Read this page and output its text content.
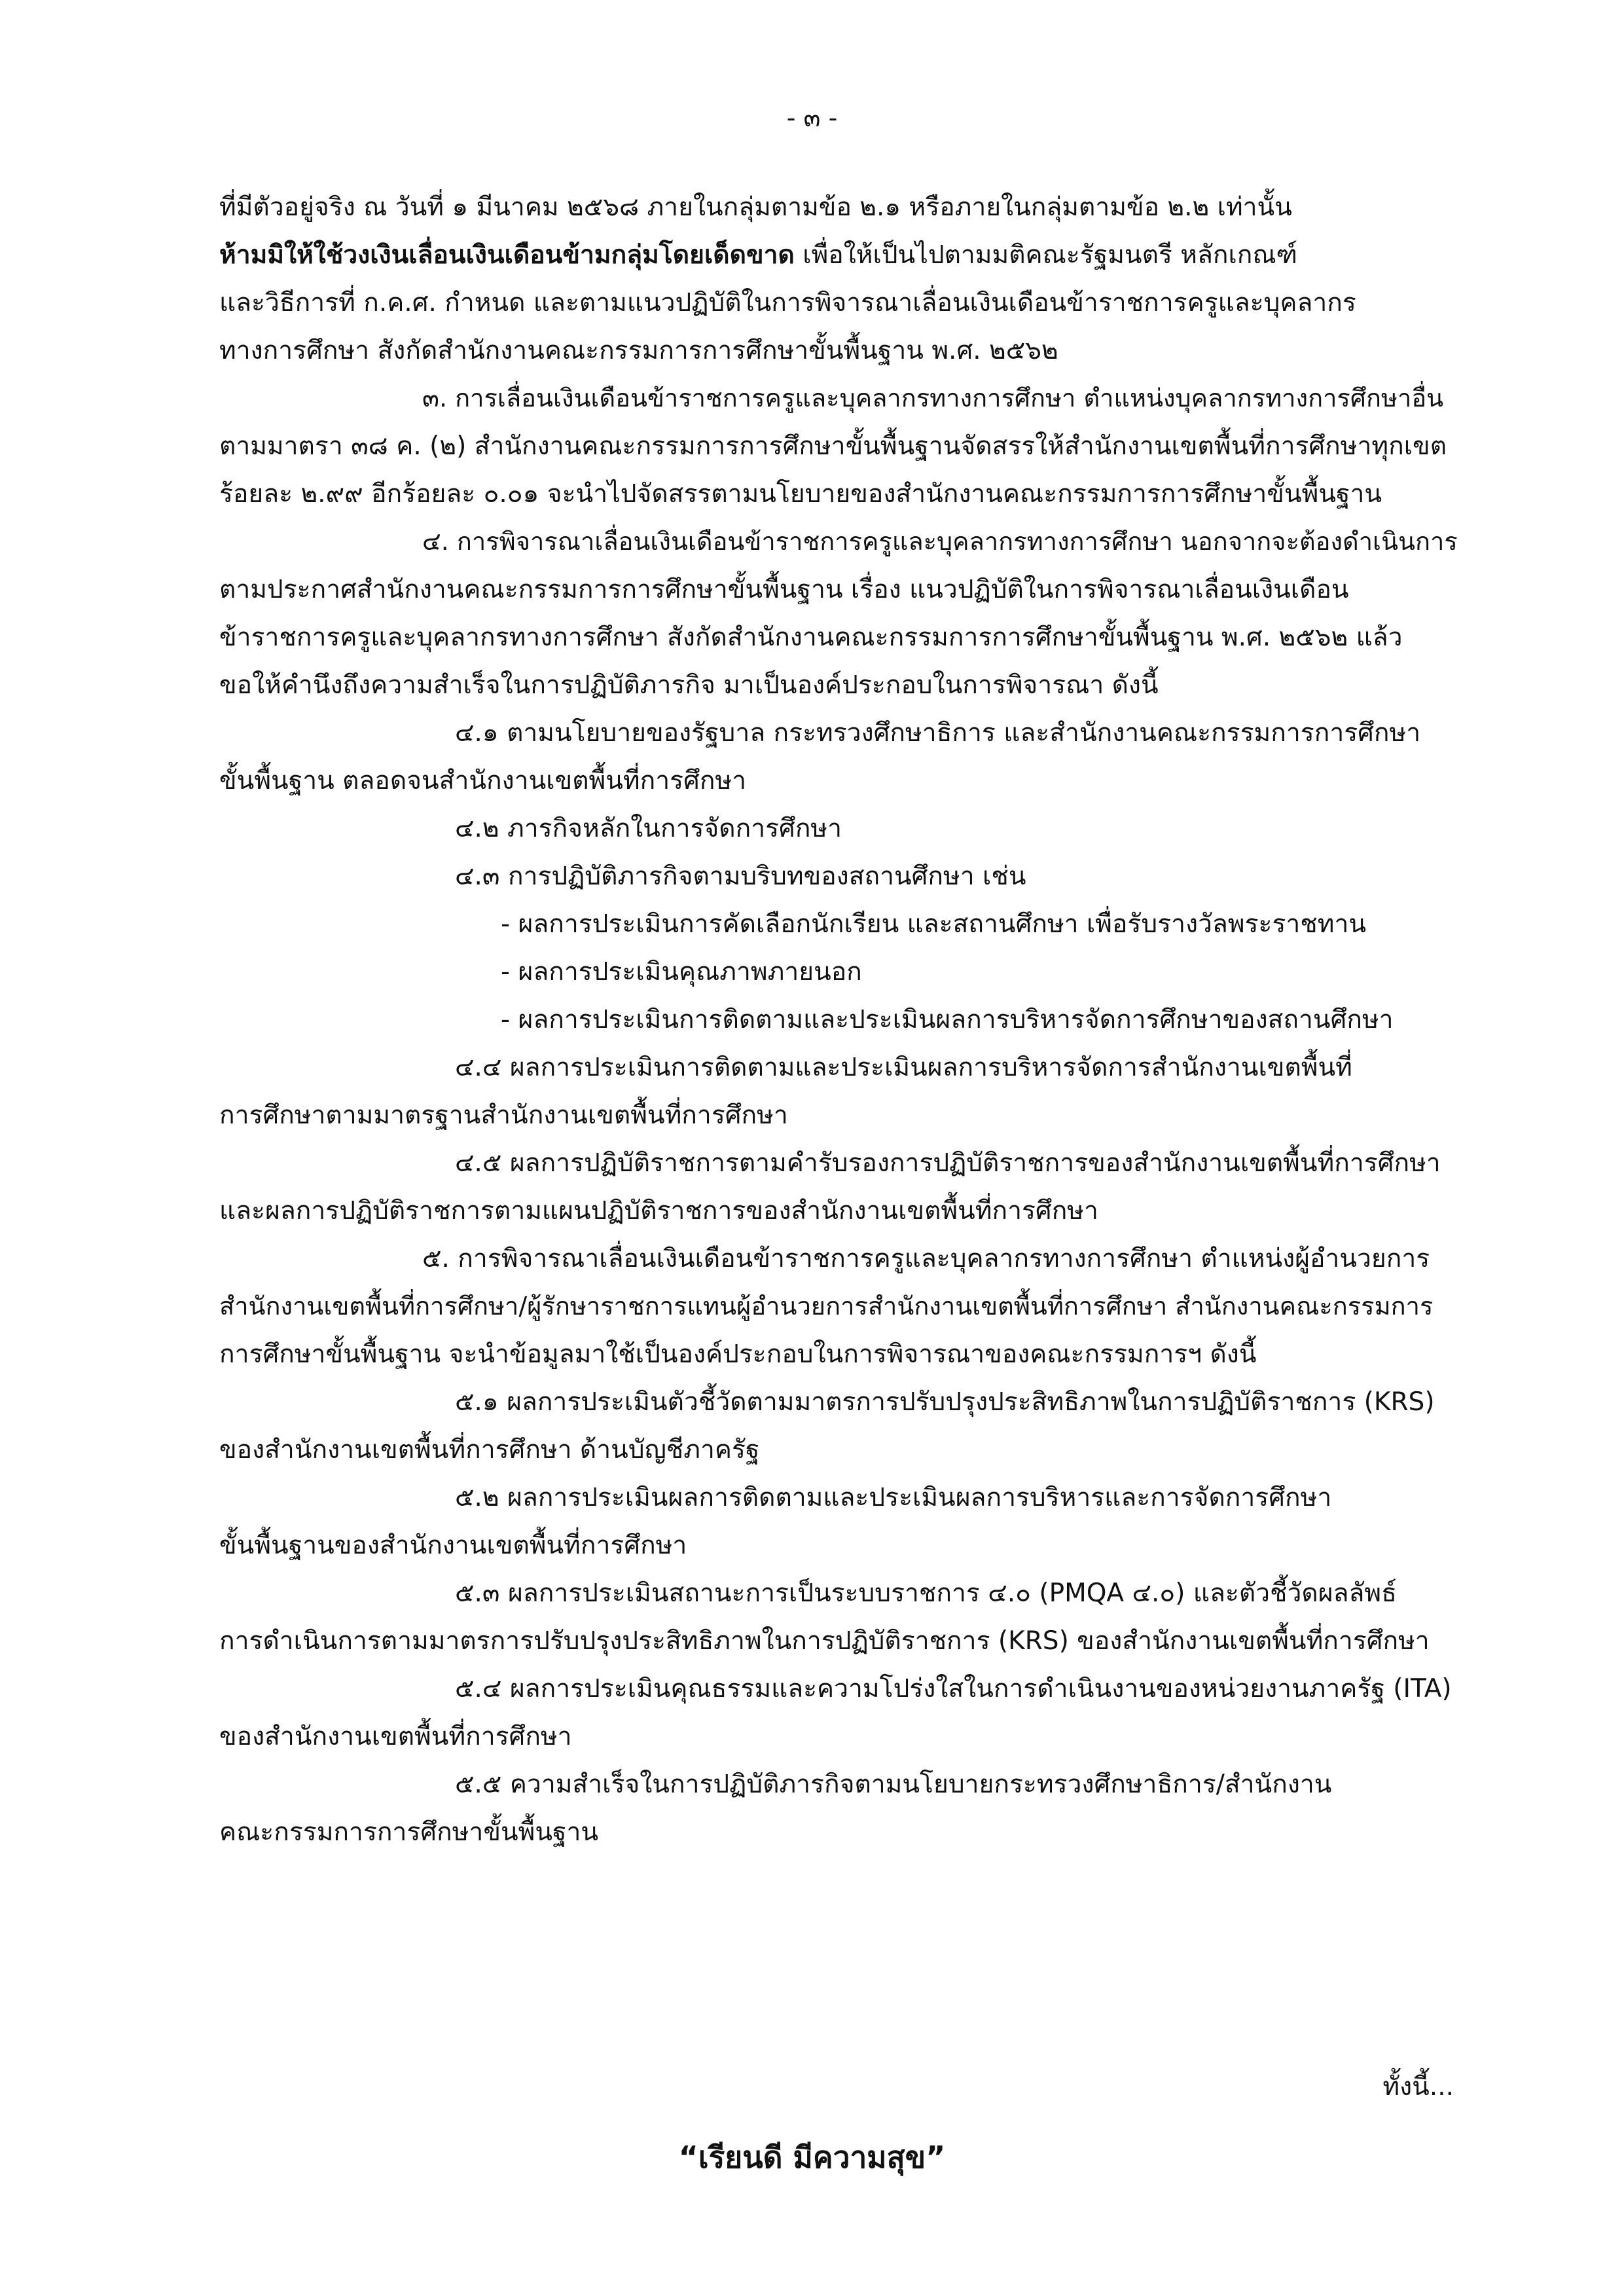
- ๓ -

ที่มีตัวอยู่จริง ณ วันที่ ๑ มีนาคม ๒๕๖๘ ภายในกลุ่มตามข้อ ๒.๑ หรือภายในกลุ่มตามข้อ ๒.๒ เท่านั้น

ห้ามมิให้ใช้วงเงินเลื่อนเงินเดือนข้ามกลุ่มโดยเด็ดขาด เพื่อให้เป็นไปตามมติคณะรัฐมนตรี หลักเกณฑ์

และวิธีการที่ ก.ค.ศ. กำหนด และตามแนวปฏิบัติในการพิจารณาเลื่อนเงินเดือนข้าราชการครูและบุคลากร

ทางการศึกษา สังกัดสำนักงานคณะกรรมการการศึกษาขั้นพื้นฐาน พ.ศ. ๒๕๖๒

๓. การเลื่อนเงินเดือนข้าราชการครูและบุคลากรทางการศึกษา ตำแหน่งบุคลากรทางการศึกษาอื่น

ตามมาตรา ๓๘ ค. (๒) สำนักงานคณะกรรมการการศึกษาขั้นพื้นฐานจัดสรรให้สำนักงานเขตพื้นที่การศึกษาทุกเขต

ร้อยละ ๒.๙๙ อีกร้อยละ ๐.๐๑ จะนำไปจัดสรรตามนโยบายของสำนักงานคณะกรรมการการศึกษาขั้นพื้นฐาน

๔. การพิจารณาเลื่อนเงินเดือนข้าราชการครูและบุคลากรทางการศึกษา นอกจากจะต้องดำเนินการ

ตามประกาศสำนักงานคณะกรรมการการศึกษาขั้นพื้นฐาน เรื่อง แนวปฏิบัติในการพิจารณาเลื่อนเงินเดือน

ข้าราชการครูและบุคลากรทางการศึกษา สังกัดสำนักงานคณะกรรมการการศึกษาขั้นพื้นฐาน พ.ศ. ๒๕๖๒ แล้ว

ขอให้คำนึงถึงความสำเร็จในการปฏิบัติภารกิจ มาเป็นองค์ประกอบในการพิจารณา ดังนี้

๔.๑ ตามนโยบายของรัฐบาล กระทรวงศึกษาธิการ และสำนักงานคณะกรรมการการศึกษา

ขั้นพื้นฐาน ตลอดจนสำนักงานเขตพื้นที่การศึกษา

๔.๒ ภารกิจหลักในการจัดการศึกษา

๔.๓ การปฏิบัติภารกิจตามบริบทของสถานศึกษา เช่น

- ผลการประเมินการคัดเลือกนักเรียน และสถานศึกษา เพื่อรับรางวัลพระราชทาน

- ผลการประเมินคุณภาพภายนอก

- ผลการประเมินการติดตามและประเมินผลการบริหารจัดการศึกษาของสถานศึกษา

๔.๔ ผลการประเมินการติดตามและประเมินผลการบริหารจัดการสำนักงานเขตพื้นที่

การศึกษาตามมาตรฐานสำนักงานเขตพื้นที่การศึกษา

๔.๕ ผลการปฏิบัติราชการตามคำรับรองการปฏิบัติราชการของสำนักงานเขตพื้นที่การศึกษา

และผลการปฏิบัติราชการตามแผนปฏิบัติราชการของสำนักงานเขตพื้นที่การศึกษา

๕. การพิจารณาเลื่อนเงินเดือนข้าราชการครูและบุคลากรทางการศึกษา ตำแหน่งผู้อำนวยการ

สำนักงานเขตพื้นที่การศึกษา/ผู้รักษาราชการแทนผู้อำนวยการสำนักงานเขตพื้นที่การศึกษา สำนักงานคณะกรรมการ

การศึกษาขั้นพื้นฐาน จะนำข้อมูลมาใช้เป็นองค์ประกอบในการพิจารณาของคณะกรรมการฯ ดังนี้

๕.๑ ผลการประเมินตัวชี้วัดตามมาตรการปรับปรุงประสิทธิภาพในการปฏิบัติราชการ (KRS)

ของสำนักงานเขตพื้นที่การศึกษา ด้านบัญชีภาครัฐ

๕.๒ ผลการประเมินผลการติดตามและประเมินผลการบริหารและการจัดการศึกษา

ขั้นพื้นฐานของสำนักงานเขตพื้นที่การศึกษา

๕.๓ ผลการประเมินสถานะการเป็นระบบราชการ ๔.๐ (PMQA ๔.๐) และตัวชี้วัดผลลัพธ์

การดำเนินการตามมาตรการปรับปรุงประสิทธิภาพในการปฏิบัติราชการ (KRS) ของสำนักงานเขตพื้นที่การศึกษา

๕.๔ ผลการประเมินคุณธรรมและความโปร่งใสในการดำเนินงานของหน่วยงานภาครัฐ (ITA)

ของสำนักงานเขตพื้นที่การศึกษา

๕.๕ ความสำเร็จในการปฏิบัติภารกิจตามนโยบายกระทรวงศึกษาธิการ/สำนักงาน

คณะกรรมการการศึกษาขั้นพื้นฐาน

ทั้งนี้...
“เรียนดี มีความสุข”
